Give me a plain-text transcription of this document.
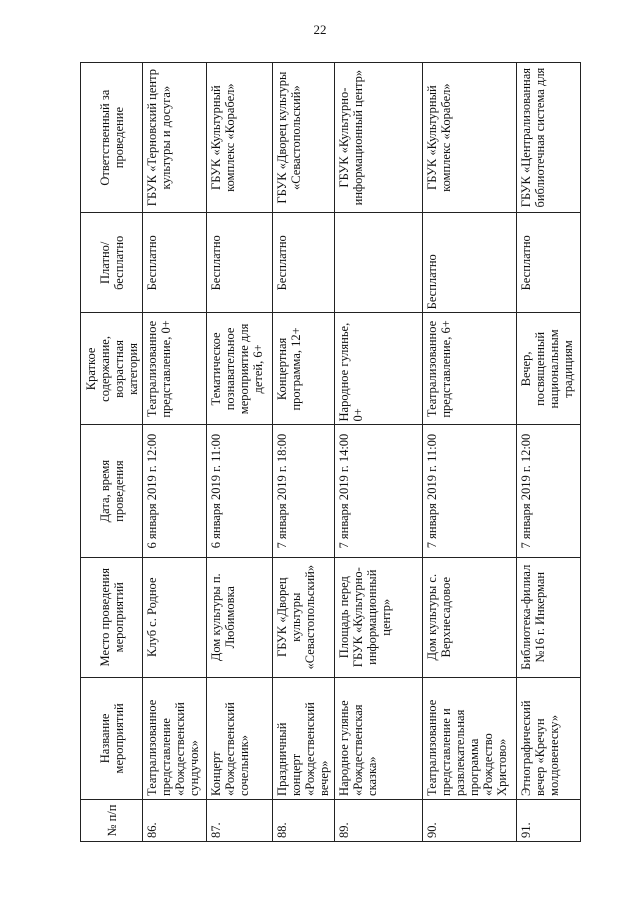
22
№ п/п	Название мероприятий	Место проведения мероприятий	Дата, время проведения	Краткое содержание, возрастная категория	Платно/ бесплатно	Ответственный за проведение
86.	Театрализованное представление «Рождественский сундучок»	Клуб с. Родное	6 января 2019 г. 12:00	Театрализованное представление, 0+	Бесплатно	ГБУК «Терновский центр культуры и досуга»
87.	Концерт «Рождественский сочельник»	Дом культуры п. Любимовка	6 января 2019 г. 11:00	Тематическое познавательное мероприятие для детей, 6+	Бесплатно	ГБУК «Культурный комплекс «Корабел»
88.	Праздничный концерт «Рождественский вечер»	ГБУК «Дворец культуры «Севастопольский»	7 января 2019 г. 18:00	Концертная программа, 12+	Бесплатно	ГБУК «Дворец культуры «Севастопольский»
89.	Народное гулянье «Рождественская сказка»	Площадь перед ГБУК «Культурно-информационный центр»	7 января 2019 г. 14:00	Народное гулянье, 0+		ГБУК «Культурно-информационный центр»
90.	Театрализованное представление и развлекательная программа «Рождество Христово»	Дом культуры с. Верхнесадовое	7 января 2019 г. 11:00	Театрализованное представление, 6+	Бесплатно	ГБУК «Культурный комплекс «Корабел»
91.	Этнографический вечер «Кречун молдовенеску»	Библиотека-филиал №16 г. Инкерман	7 января 2019 г. 12:00	Вечер, посвященный национальным традициям	Бесплатно	ГБУК «Централизованная библиотечная система для
